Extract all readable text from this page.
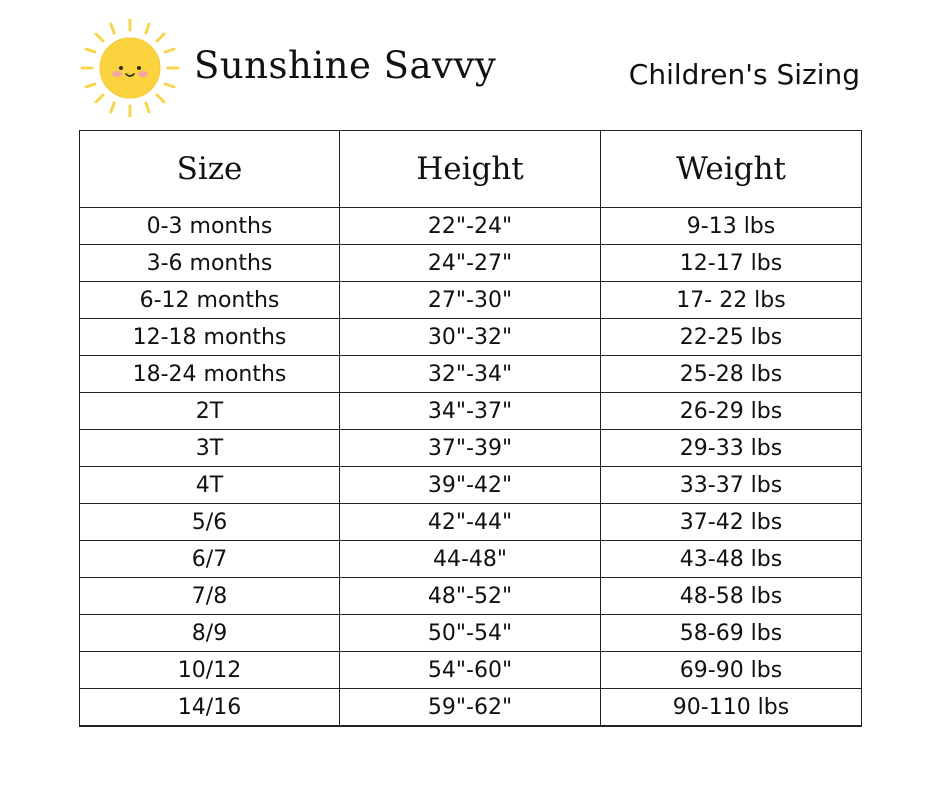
Sunshine Savvy	Children's Sizing
Size	Height	Weight
0-3 months	22"-24"	9-13 lbs
3-6 months	24"-27"	12-17 lbs
6-12 months	27"-30"	17- 22 lbs
12-18 months	30"-32"	22-25 lbs
18-24 months	32"-34"	25-28 lbs
2T	34"-37"	26-29 lbs
3T	37"-39"	29-33 lbs
4T	39"-42"	33-37 lbs
5/6	42"-44"	37-42 lbs
6/7	44-48"	43-48 lbs
7/8	48"-52"	48-58 lbs
8/9	50"-54"	58-69 lbs
10/12	54"-60"	69-90 lbs
14/16	59"-62"	90-110 lbs
